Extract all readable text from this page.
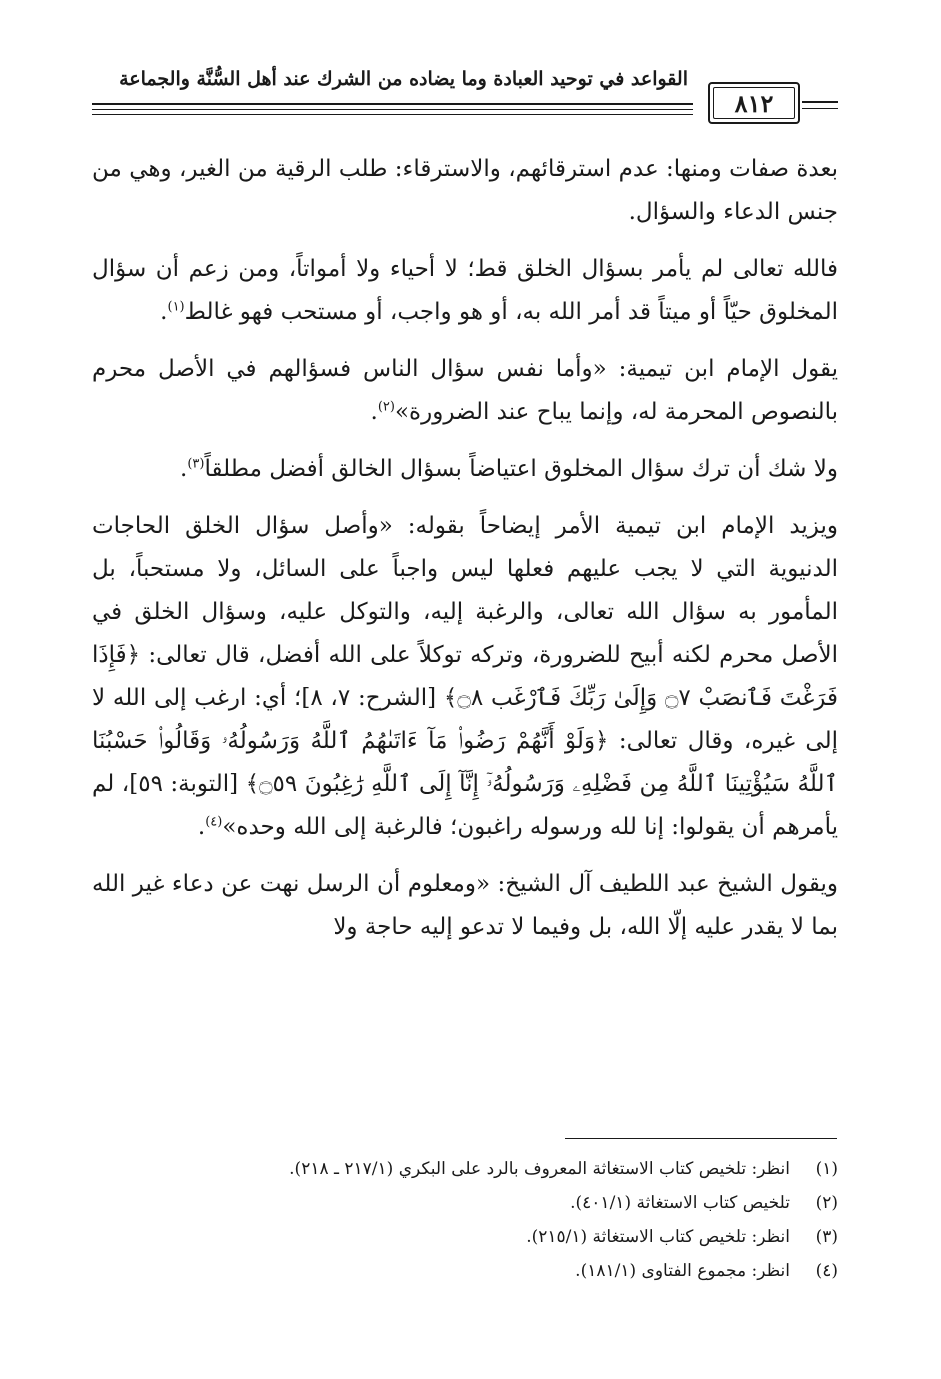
القواعد في توحيد العبادة وما يضاده من الشرك عند أهل السُّنَّة والجماعة
٨١٢

بعدة صفات ومنها: عدم استرقائهم، والاسترقاء: طلب الرقية من الغير، وهي من جنس الدعاء والسؤال.

فالله تعالى لم يأمر بسؤال الخلق قط؛ لا أحياء ولا أمواتاً، ومن زعم أن سؤال المخلوق حيّاً أو ميتاً قد أمر الله به، أو هو واجب، أو مستحب فهو غالط$^{(١)}$.

يقول الإمام ابن تيمية: «وأما نفس سؤال الناس فسؤالهم في الأصل محرم بالنصوص المحرمة له، وإنما يباح عند الضرورة»$^{(٢)}$.

ولا شك أن ترك سؤال المخلوق اعتياضاً بسؤال الخالق أفضل مطلقاً$^{(٣)}$.

ويزيد الإمام ابن تيمية الأمر إيضاحاً بقوله: «وأصل سؤال الخلق الحاجات الدنيوية التي لا يجب عليهم فعلها ليس واجباً على السائل، ولا مستحباً، بل المأمور به سؤال الله تعالى، والرغبة إليه، والتوكل عليه، وسؤال الخلق في الأصل محرم لكنه أبيح للضرورة، وتركه توكلاً على الله أفضل، قال تعالى: ﴿فَإِذَا فَرَغْتَ فَٱنصَبْ ۝٧ وَإِلَىٰ رَبِّكَ فَٱرْغَب ۝٨﴾ [الشرح: ٧، ٨]؛ أي: ارغب إلى الله لا إلى غيره، وقال تعالى: ﴿وَلَوْ أَنَّهُمْ رَضُوا۟ مَآ ءَاتَىٰهُمُ ٱللَّهُ وَرَسُولُهُۥ وَقَالُوا۟ حَسْبُنَا ٱللَّهُ سَيُؤْتِينَا ٱللَّهُ مِن فَضْلِهِۦ وَرَسُولُهُۥٓ إِنَّآ إِلَى ٱللَّهِ رَٰغِبُونَ ۝٥٩﴾ [التوبة: ٥٩]، لم يأمرهم أن يقولوا: إنا لله ورسوله راغبون؛ فالرغبة إلى الله وحده»$^{(٤)}$.

ويقول الشيخ عبد اللطيف آل الشيخ: «ومعلوم أن الرسل نهت عن دعاء غير الله بما لا يقدر عليه إلّا الله، بل وفيما لا تدعو إليه حاجة ولا

(١)انظر: تلخيص كتاب الاستغاثة المعروف بالرد على البكري (٢١٧/١ ـ ٢١٨).
(٢)تلخيص كتاب الاستغاثة (٤٠١/١).
(٣)انظر: تلخيص كتاب الاستغاثة (٢١٥/١).
(٤)انظر: مجموع الفتاوى (١٨١/١).
